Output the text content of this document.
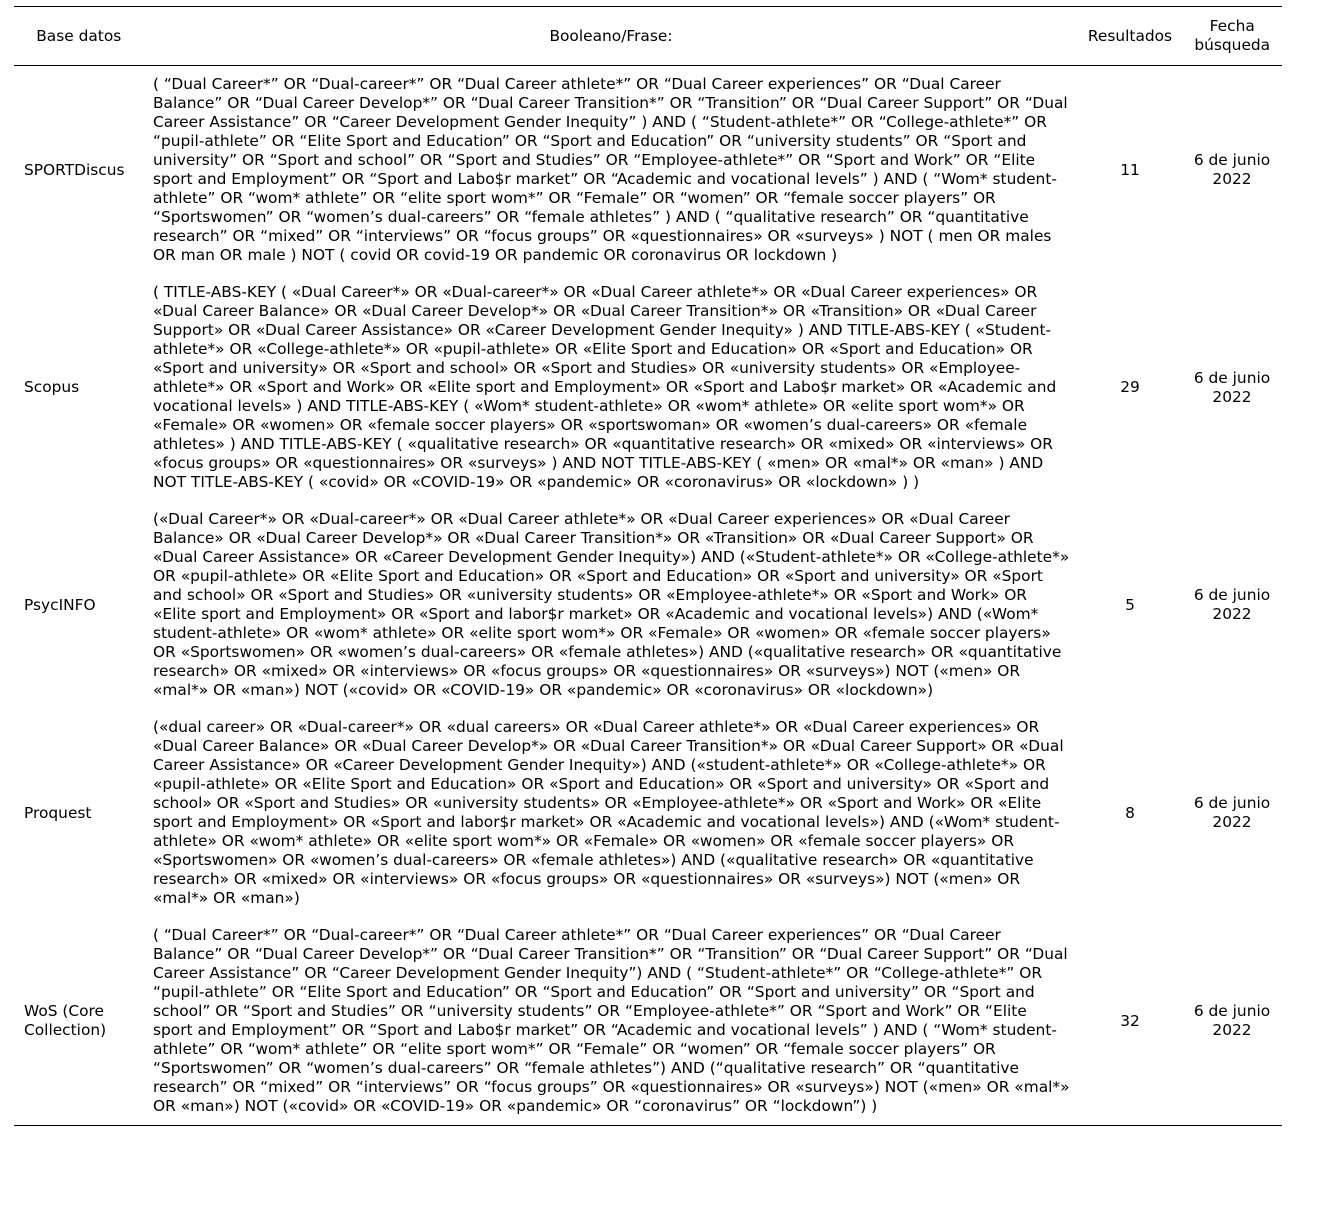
Base datos	Booleano/Frase:	Resultados	Fecha búsqueda
SPORTDiscus	( “Dual Career*” OR “Dual-career*” OR “Dual Career athlete*” OR “Dual Career experiences” OR “Dual Career Balance” OR “Dual Career Develop*” OR “Dual Career Transition*” OR “Transition” OR “Dual Career Support” OR “Dual Career Assistance” OR “Career Development Gender Inequity” ) AND ( “Student-athlete*” OR “College-athlete*” OR “pupil-athlete” OR “Elite Sport and Education” OR “Sport and Education” OR “university students” OR “Sport and university” OR “Sport and school” OR “Sport and Studies” OR “Employee-athlete*” OR “Sport and Work” OR “Elite sport and Employment” OR “Sport and Labo$r market” OR “Academic and vocational levels” ) AND ( “Wom* student-athlete” OR “wom* athlete” OR “elite sport wom*” OR “Female” OR “women” OR “female soccer players” OR “Sportswomen” OR “women’s dual-careers” OR “female athletes” ) AND ( “qualitative research” OR “quantitative research” OR “mixed” OR “interviews” OR “focus groups” OR «questionnaires» OR «surveys» ) NOT ( men OR males OR man OR male ) NOT ( covid OR covid-19 OR pandemic OR coronavirus OR lockdown )	11	6 de junio 2022
Scopus	( TITLE-ABS-KEY ( «Dual Career*» OR «Dual-career*» OR «Dual Career athlete*» OR «Dual Career experiences» OR «Dual Career Balance» OR «Dual Career Develop*» OR «Dual Career Transition*» OR «Transition» OR «Dual Career Support» OR «Dual Career Assistance» OR «Career Development Gender Inequity» ) AND TITLE-ABS-KEY ( «Student-athlete*» OR «College-athlete*» OR «pupil-athlete» OR «Elite Sport and Education» OR «Sport and Education» OR «Sport and university» OR «Sport and school» OR «Sport and Studies» OR «university students» OR «Employee-athlete*» OR «Sport and Work» OR «Elite sport and Employment» OR «Sport and Labo$r market» OR «Academic and vocational levels» ) AND TITLE-ABS-KEY ( «Wom* student-athlete» OR «wom* athlete» OR «elite sport wom*» OR «Female» OR «women» OR «female soccer players» OR «sportswoman» OR «women’s dual-careers» OR «female athletes» ) AND TITLE-ABS-KEY ( «qualitative research» OR «quantitative research» OR «mixed» OR «interviews» OR «focus groups» OR «questionnaires» OR «surveys» ) AND NOT TITLE-ABS-KEY ( «men» OR «mal*» OR «man» ) AND NOT TITLE-ABS-KEY ( «covid» OR «COVID-19» OR «pandemic» OR «coronavirus» OR «lockdown» ) )	29	6 de junio 2022
PsycINFO	(«Dual Career*» OR «Dual-career*» OR «Dual Career athlete*» OR «Dual Career experiences» OR «Dual Career Balance» OR «Dual Career Develop*» OR «Dual Career Transition*» OR «Transition» OR «Dual Career Support» OR «Dual Career Assistance» OR «Career Development Gender Inequity») AND («Student-athlete*» OR «College-athlete*» OR «pupil-athlete» OR «Elite Sport and Education» OR «Sport and Education» OR «Sport and university» OR «Sport and school» OR «Sport and Studies» OR «university students» OR «Employee-athlete*» OR «Sport and Work» OR «Elite sport and Employment» OR «Sport and labor$r market» OR «Academic and vocational levels») AND («Wom* student-athlete» OR «wom* athlete» OR «elite sport wom*» OR «Female» OR «women» OR «female soccer players» OR «Sportswomen» OR «women’s dual-careers» OR «female athletes») AND («qualitative research» OR «quantitative research» OR «mixed» OR «interviews» OR «focus groups» OR «questionnaires» OR «surveys») NOT («men» OR «mal*» OR «man») NOT («covid» OR «COVID-19» OR «pandemic» OR «coronavirus» OR «lockdown»)	5	6 de junio 2022
Proquest	(«dual career» OR «Dual-career*» OR «dual careers» OR «Dual Career athlete*» OR «Dual Career experiences» OR «Dual Career Balance» OR «Dual Career Develop*» OR «Dual Career Transition*» OR «Dual Career Support» OR «Dual Career Assistance» OR «Career Development Gender Inequity») AND («student-athlete*» OR «College-athlete*» OR «pupil-athlete» OR «Elite Sport and Education» OR «Sport and Education» OR «Sport and university» OR «Sport and school» OR «Sport and Studies» OR «university students» OR «Employee-athlete*» OR «Sport and Work» OR «Elite sport and Employment» OR «Sport and labor$r market» OR «Academic and vocational levels») AND («Wom* student-athlete» OR «wom* athlete» OR «elite sport wom*» OR «Female» OR «women» OR «female soccer players» OR «Sportswomen» OR «women’s dual-careers» OR «female athletes») AND («qualitative research» OR «quantitative research» OR «mixed» OR «interviews» OR «focus groups» OR «questionnaires» OR «surveys») NOT («men» OR «mal*» OR «man»)	8	6 de junio 2022
WoS (Core Collection)	( “Dual Career*” OR “Dual-career*” OR “Dual Career athlete*” OR “Dual Career experiences” OR “Dual Career Balance” OR “Dual Career Develop*” OR “Dual Career Transition*” OR “Transition” OR “Dual Career Support” OR “Dual Career Assistance” OR “Career Development Gender Inequity”) AND ( “Student-athlete*” OR “College-athlete*” OR “pupil-athlete” OR “Elite Sport and Education” OR “Sport and Education” OR “Sport and university” OR “Sport and school” OR “Sport and Studies” OR “university students” OR “Employee-athlete*” OR “Sport and Work” OR “Elite sport and Employment” OR “Sport and Labo$r market” OR “Academic and vocational levels” ) AND ( “Wom* student-athlete” OR “wom* athlete” OR “elite sport wom*” OR “Female” OR “women” OR “female soccer players” OR “Sportswomen” OR “women’s dual-careers” OR “female athletes”) AND (“qualitative research” OR “quantitative research” OR “mixed” OR “interviews” OR “focus groups” OR «questionnaires» OR «surveys») NOT («men» OR «mal*» OR «man») NOT («covid» OR «COVID-19» OR «pandemic» OR “coronavirus” OR “lockdown”) )	32	6 de junio 2022
